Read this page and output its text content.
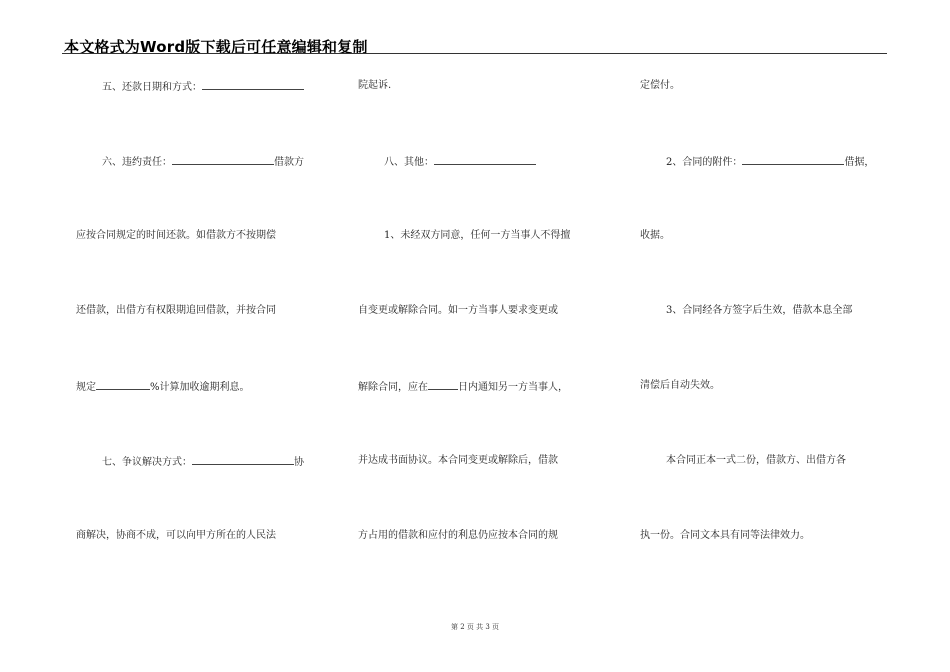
本文格式为Word版下载后可任意编辑和复制
五、还款日期和方式：
六、违约责任：	借款方
应按合同规定的时间还款。如借款方不按期偿
还借款，出借方有权限期追回借款，并按合同
规定	%计算加收逾期利息。
七、争议解决方式：	协
商解决，协商不成，可以向甲方所在的人民法
院起诉.
八、其他：
1、未经双方同意，任何一方当事人不得擅
自变更或解除合同。如一方当事人要求变更或
解除合同，应在	日内通知另一方当事人，
并达成书面协议。本合同变更或解除后，借款
方占用的借款和应付的利息仍应按本合同的规
定偿付。
2、合同的附件：	借据，
收据。
3、合同经各方签字后生效，借款本息全部
清偿后自动失效。
本合同正本一式二份，借款方、出借方各
执一份。合同文本具有同等法律效力。
第 2 页 共 3 页
